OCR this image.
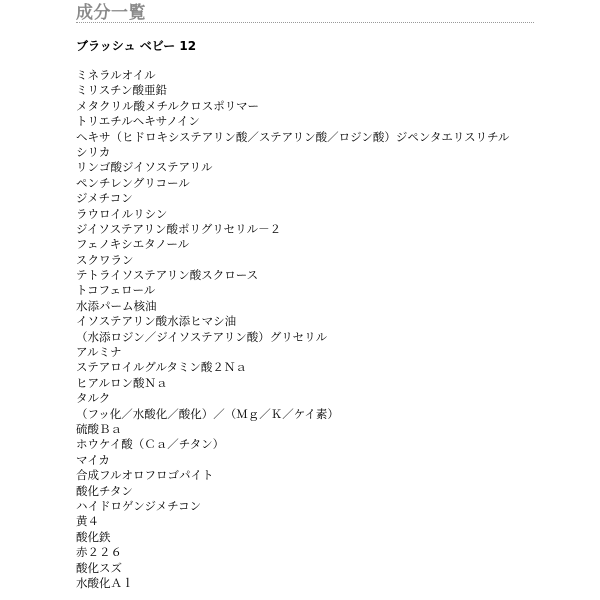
成分一覧
ブラッシュ ベビー 12
ミネラルオイル
ミリスチン酸亜鉛
メタクリル酸メチルクロスポリマー
トリエチルヘキサノイン
ヘキサ（ヒドロキシステアリン酸／ステアリン酸／ロジン酸）ジペンタエリスリチル
シリカ
リンゴ酸ジイソステアリル
ペンチレングリコール
ジメチコン
ラウロイルリシン
ジイソステアリン酸ポリグリセリル－２
フェノキシエタノール
スクワラン
テトライソステアリン酸スクロース
トコフェロール
水添パーム核油
イソステアリン酸水添ヒマシ油
（水添ロジン／ジイソステアリン酸）グリセリル
アルミナ
ステアロイルグルタミン酸２Ｎａ
ヒアルロン酸Ｎａ
タルク
（フッ化／水酸化／酸化）／（Ｍｇ／Ｋ／ケイ素）
硫酸Ｂａ
ホウケイ酸（Ｃａ／チタン）
マイカ
合成フルオロフロゴパイト
酸化チタン
ハイドロゲンジメチコン
黄４
酸化鉄
赤２２６
酸化スズ
水酸化Ａｌ
